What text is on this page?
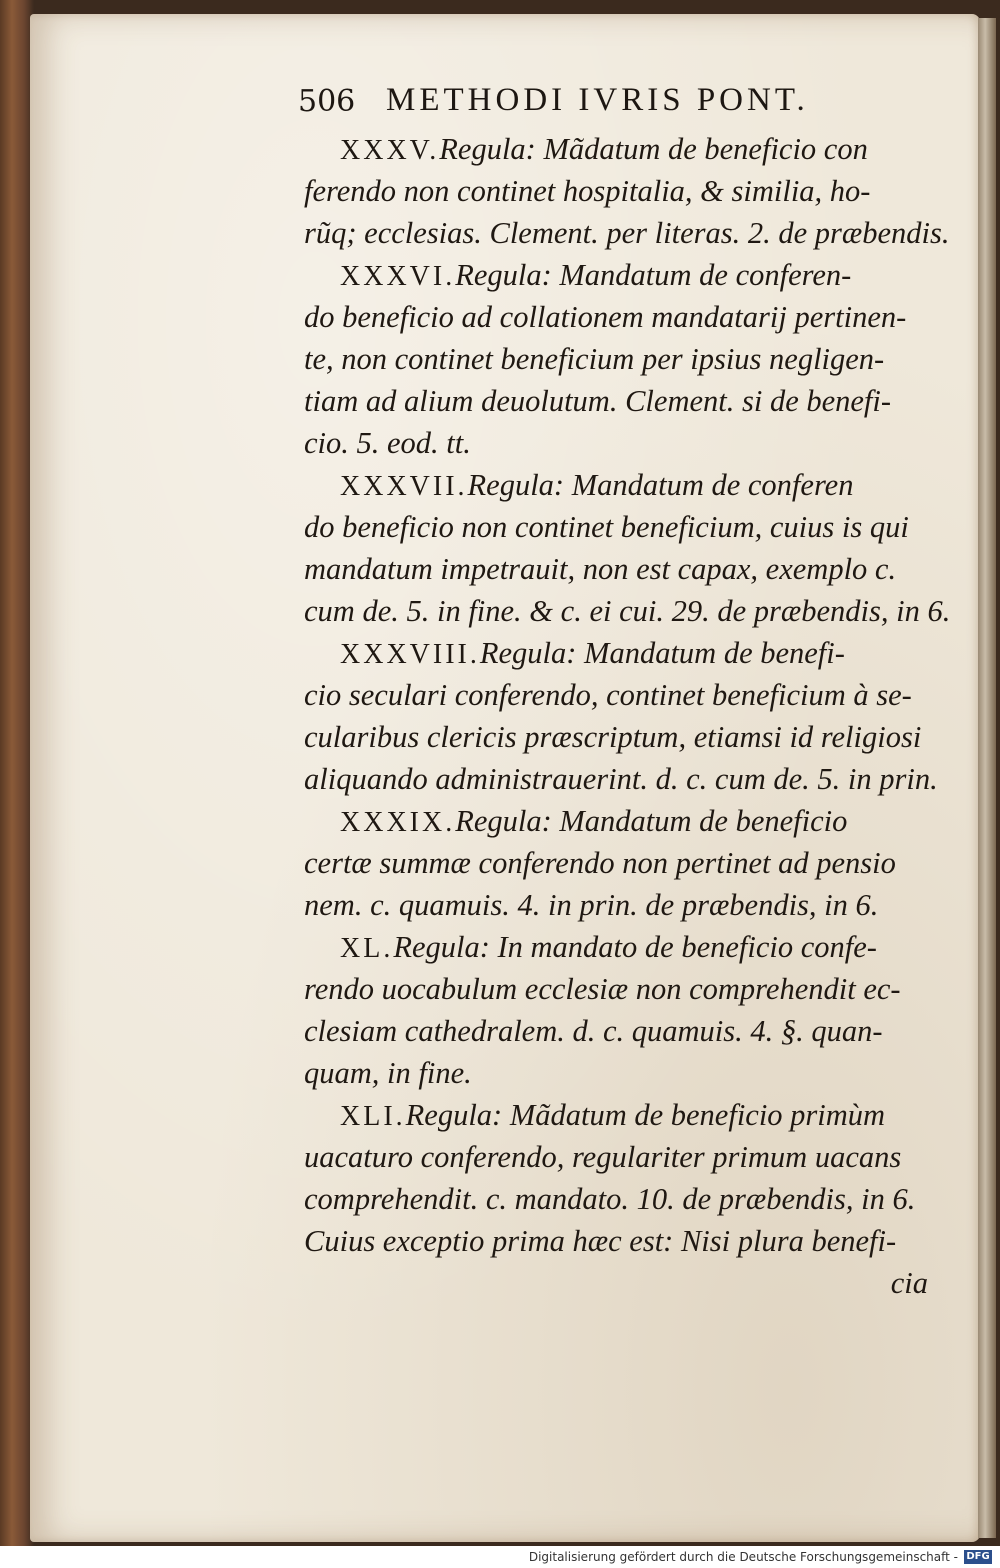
506 METHODI IVRIS PONT.
XXXV.Regula: Mãdatum de beneficio con
ferendo non continet hospitalia, & similia, ho-
rũq; ecclesias. Clement. per literas. 2. de præbendis.
XXXVI.Regula: Mandatum de conferen-
do beneficio ad collationem mandatarij pertinen-
te, non continet beneficium per ipsius negligen-
tiam ad alium deuolutum. Clement. si de benefi-
cio. 5. eod. tt.
XXXVII.Regula: Mandatum de conferen
do beneficio non continet beneficium, cuius is qui
mandatum impetrauit, non est capax, exemplo c.
cum de. 5. in fine. & c. ei cui. 29. de præbendis, in 6.
XXXVIII.Regula: Mandatum de benefi-
cio seculari conferendo, continet beneficium à se-
cularibus clericis præscriptum, etiamsi id religiosi
aliquando administrauerint. d. c. cum de. 5. in prin.
XXXIX.Regula: Mandatum de beneficio
certæ summæ conferendo non pertinet ad pensio
nem. c. quamuis. 4. in prin. de præbendis, in 6.
XL.Regula: In mandato de beneficio confe-
rendo uocabulum ecclesiæ non comprehendit ec-
clesiam cathedralem. d. c. quamuis. 4. §. quan-
quam, in fine.
XLI.Regula: Mãdatum de beneficio primùm
uacaturo conferendo, regulariter primum uacans
comprehendit. c. mandato. 10. de præbendis, in 6.
Cuius exceptio prima hæc est: Nisi plura benefi-
cia
Digitalisierung gefördert durch die Deutsche Forschungsgemeinschaft - DFG
